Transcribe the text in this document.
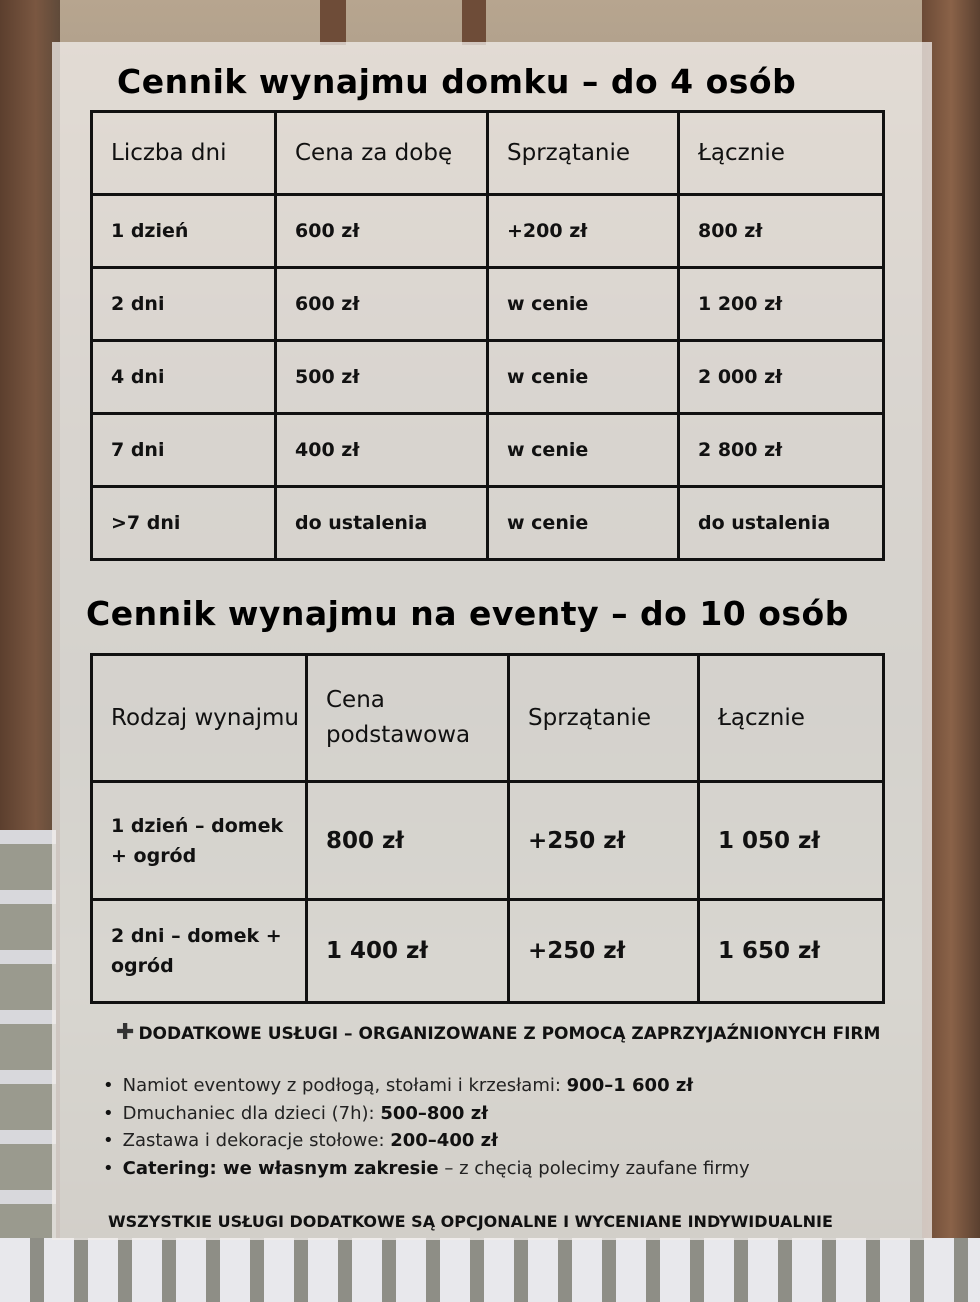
Cennik wynajmu domku – do 4 osób
Liczba dni	Cena za dobę	Sprzątanie	Łącznie
1 dzień	600 zł	+200 zł	800 zł
2 dni	600 zł	w cenie	1 200 zł
4 dni	500 zł	w cenie	2 000 zł
7 dni	400 zł	w cenie	2 800 zł
>7 dni	do ustalenia	w cenie	do ustalenia
Cennik wynajmu na eventy – do 10 osób
Rodzaj wynajmu	Cena podstawowa	Sprzątanie	Łącznie
1 dzień – domek + ogród	800 zł	+250 zł	1 050 zł
2 dni – domek + ogród	1 400 zł	+250 zł	1 650 zł
✚ DODATKOWE USŁUGI – ORGANIZOWANE Z POMOCĄ ZAPRZYJAŹNIONYCH FIRM
• Namiot eventowy z podłogą, stołami i krzesłami: 900–1 600 zł
• Dmuchaniec dla dzieci (7h): 500–800 zł
• Zastawa i dekoracje stołowe: 200–400 zł
• Catering: we własnym zakresie – z chęcią polecimy zaufane firmy
WSZYSTKIE USŁUGI DODATKOWE SĄ OPCJONALNE I WYCENIANE INDYWIDUALNIE
